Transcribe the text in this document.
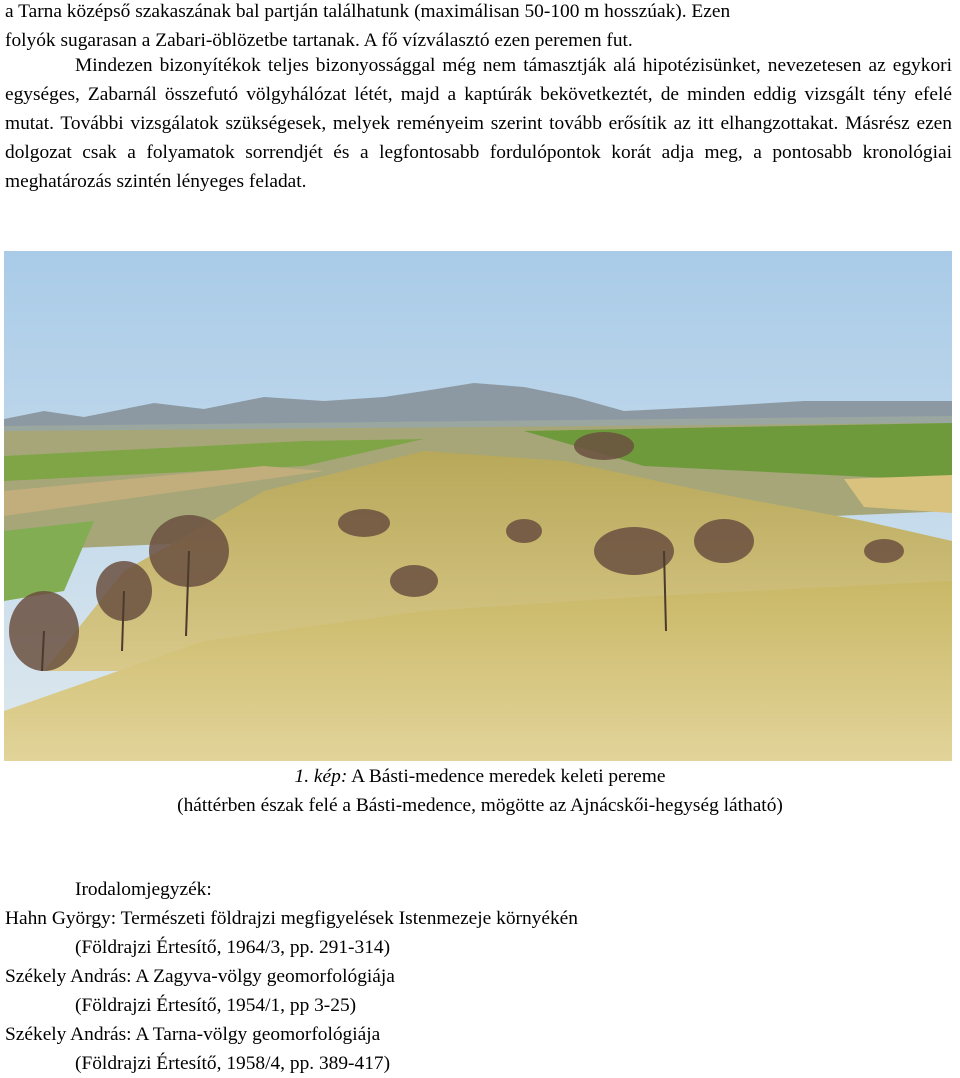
a Tarna középső szakaszának bal partján találhatunk (maximálisan 50-100 m hosszúak). Ezen
folyók sugarasan a Zabari-öblözetbe tartanak. A fő vízválasztó ezen peremen fut.

Mindezen bizonyítékok teljes bizonyossággal még nem támasztják alá hipotézisünket, nevezetesen az egykori egységes, Zabarnál összefutó völgyhálózat létét, majd a kaptúrák bekövetkeztét, de minden eddig vizsgált tény efelé mutat. További vizsgálatok szükségesek, melyek reményeim szerint tovább erősítik az itt elhangzottakat. Másrész ezen dolgozat csak a folyamatok sorrendjét és a legfontosabb fordulópontok korát adja meg, a pontosabb kronológiai meghatározás szintén lényeges feladat.

1. kép: A Básti-medence meredek keleti pereme
(háttérben észak felé a Básti-medence, mögötte az Ajnácskői-hegység látható)
Irodalomjegyzék:
Hahn György: Természeti földrajzi megfigyelések Istenmezeje környékén
(Földrajzi Értesítő, 1964/3, pp. 291-314)
Székely András: A Zagyva-völgy geomorfológiája
(Földrajzi Értesítő, 1954/1, pp 3-25)
Székely András: A Tarna-völgy geomorfológiája
(Földrajzi Értesítő, 1958/4, pp. 389-417)
